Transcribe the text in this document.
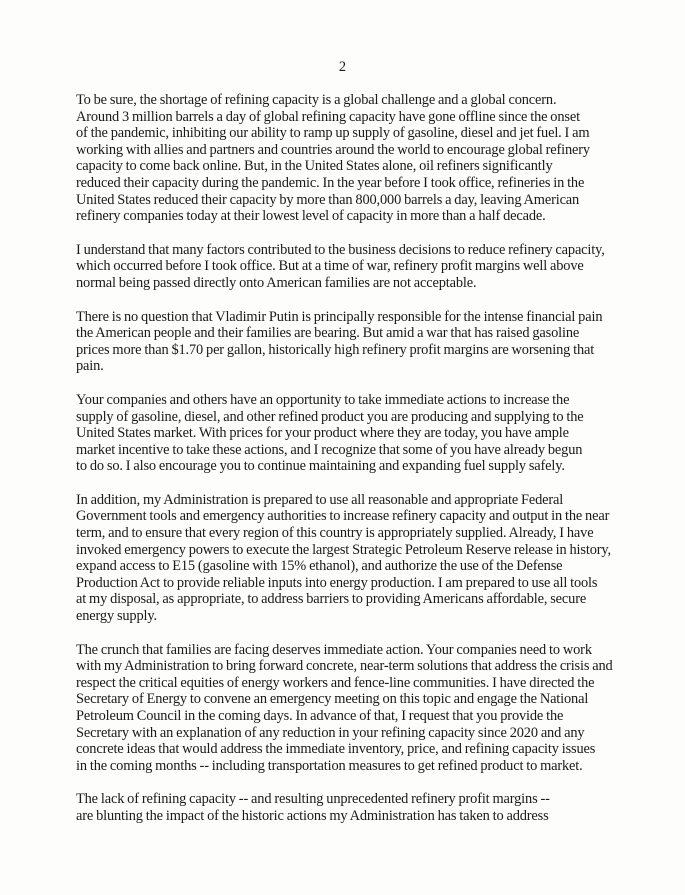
2

To be sure, the shortage of refining capacity is a global challenge and a global concern.
Around 3 million barrels a day of global refining capacity have gone offline since the onset
of the pandemic, inhibiting our ability to ramp up supply of gasoline, diesel and jet fuel. I am
working with allies and partners and countries around the world to encourage global refinery
capacity to come back online. But, in the United States alone, oil refiners significantly
reduced their capacity during the pandemic. In the year before I took office, refineries in the
United States reduced their capacity by more than 800,000 barrels a day, leaving American
refinery companies today at their lowest level of capacity in more than a half decade.

I understand that many factors contributed to the business decisions to reduce refinery capacity,
which occurred before I took office. But at a time of war, refinery profit margins well above
normal being passed directly onto American families are not acceptable.

There is no question that Vladimir Putin is principally responsible for the intense financial pain
the American people and their families are bearing. But amid a war that has raised gasoline
prices more than $1.70 per gallon, historically high refinery profit margins are worsening that
pain.

Your companies and others have an opportunity to take immediate actions to increase the
supply of gasoline, diesel, and other refined product you are producing and supplying to the
United States market. With prices for your product where they are today, you have ample
market incentive to take these actions, and I recognize that some of you have already begun
to do so. I also encourage you to continue maintaining and expanding fuel supply safely.

In addition, my Administration is prepared to use all reasonable and appropriate Federal
Government tools and emergency authorities to increase refinery capacity and output in the near
term, and to ensure that every region of this country is appropriately supplied. Already, I have
invoked emergency powers to execute the largest Strategic Petroleum Reserve release in history,
expand access to E15 (gasoline with 15% ethanol), and authorize the use of the Defense
Production Act to provide reliable inputs into energy production. I am prepared to use all tools
at my disposal, as appropriate, to address barriers to providing Americans affordable, secure
energy supply.

The crunch that families are facing deserves immediate action. Your companies need to work
with my Administration to bring forward concrete, near-term solutions that address the crisis and
respect the critical equities of energy workers and fence-line communities. I have directed the
Secretary of Energy to convene an emergency meeting on this topic and engage the National
Petroleum Council in the coming days. In advance of that, I request that you provide the
Secretary with an explanation of any reduction in your refining capacity since 2020 and any
concrete ideas that would address the immediate inventory, price, and refining capacity issues
in the coming months -- including transportation measures to get refined product to market.

The lack of refining capacity -- and resulting unprecedented refinery profit margins --
are blunting the impact of the historic actions my Administration has taken to address
